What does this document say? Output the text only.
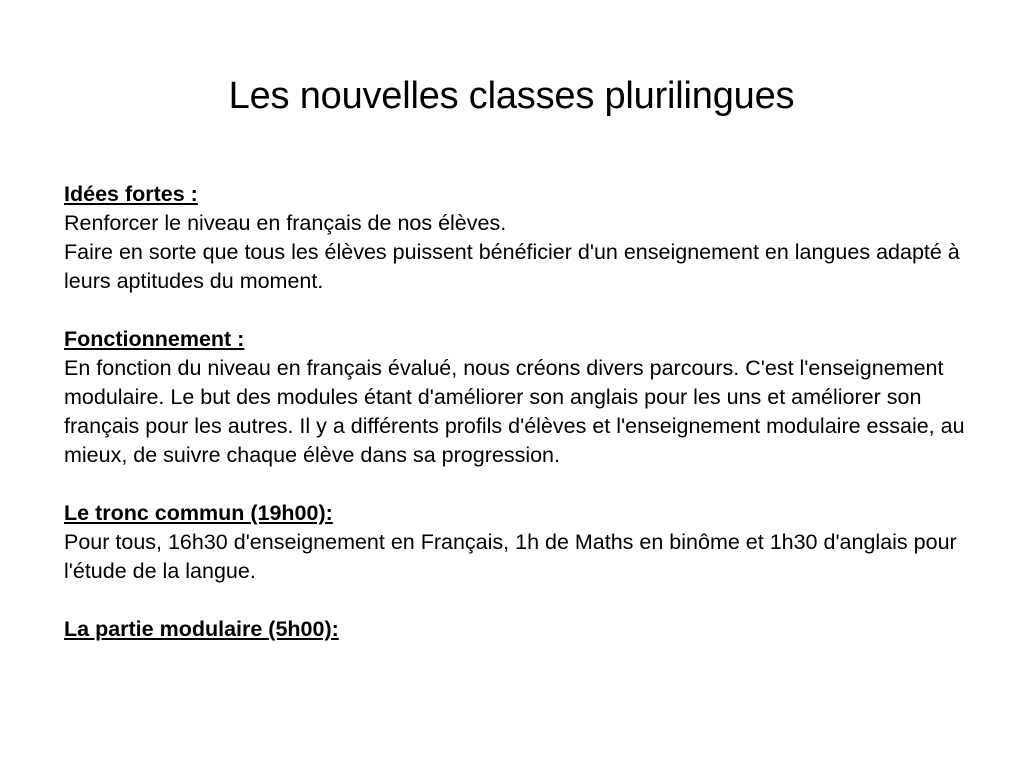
Les nouvelles classes plurilingues
Idées fortes :
Renforcer le niveau en français de nos élèves.
Faire en sorte que tous les élèves puissent bénéficier d'un enseignement en langues adapté à leurs aptitudes du moment.
Fonctionnement :
En fonction du niveau en français évalué, nous créons divers parcours. C'est l'enseignement modulaire. Le but des modules étant d'améliorer son anglais pour les uns et améliorer son français pour les autres. Il y a différents profils d'élèves et l'enseignement modulaire essaie, au mieux, de suivre chaque élève dans sa progression.
Le tronc commun (19h00):
Pour tous, 16h30 d'enseignement en Français, 1h de Maths en binôme et 1h30 d'anglais pour l'étude de la langue.
La partie modulaire (5h00):
